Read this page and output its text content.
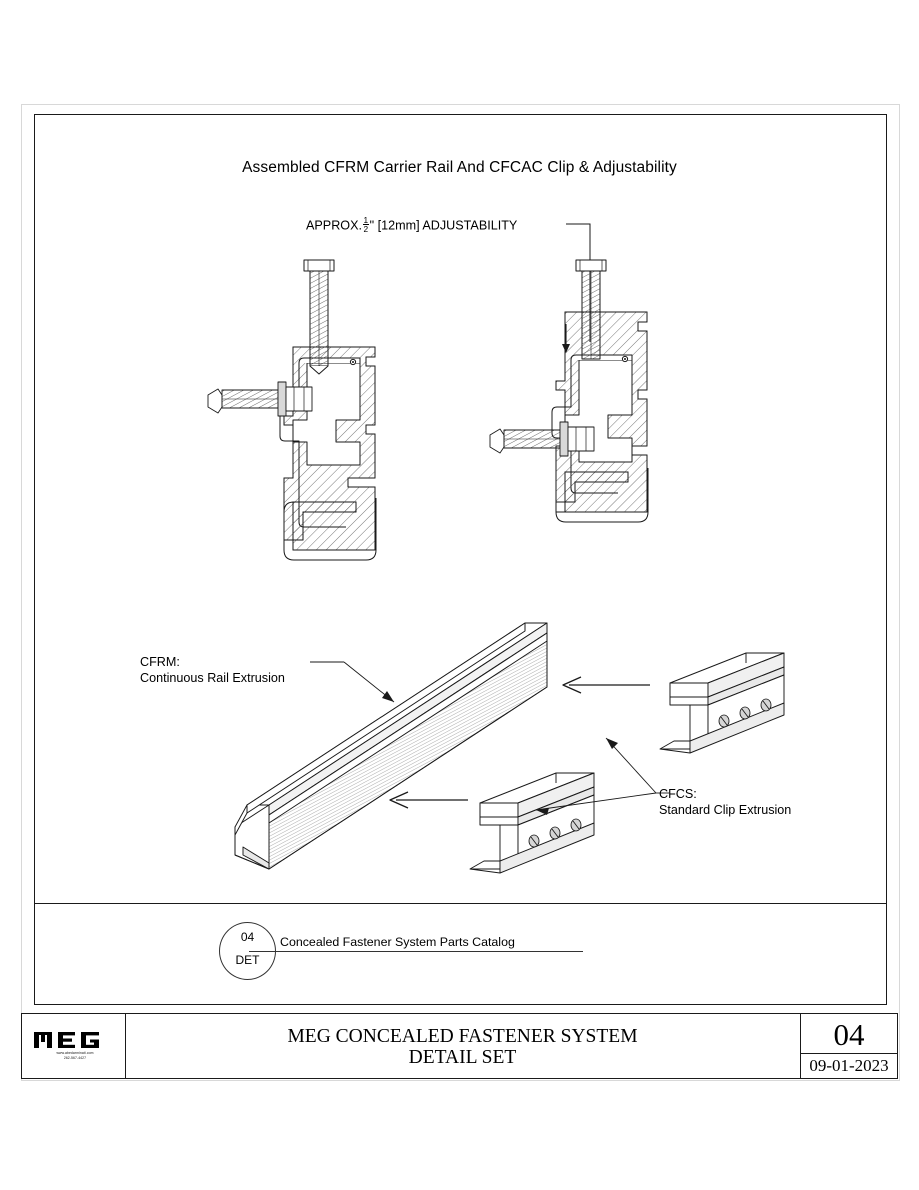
Assembled CFRM Carrier Rail And CFCAC Clip & Adjustability
APPROX. $\frac{1}{2}$ " [12mm] ADJUSTABILITY
CFRM:
Continuous Rail Extrusion
CFCS:
Standard Clip Extrusion
04
DET
Concealed Fastener System Parts Catalog
www.abedarminati.com
262-567-4427
MEG CONCEALED FASTENER SYSTEM
DETAIL SET
04
09-01-2023
